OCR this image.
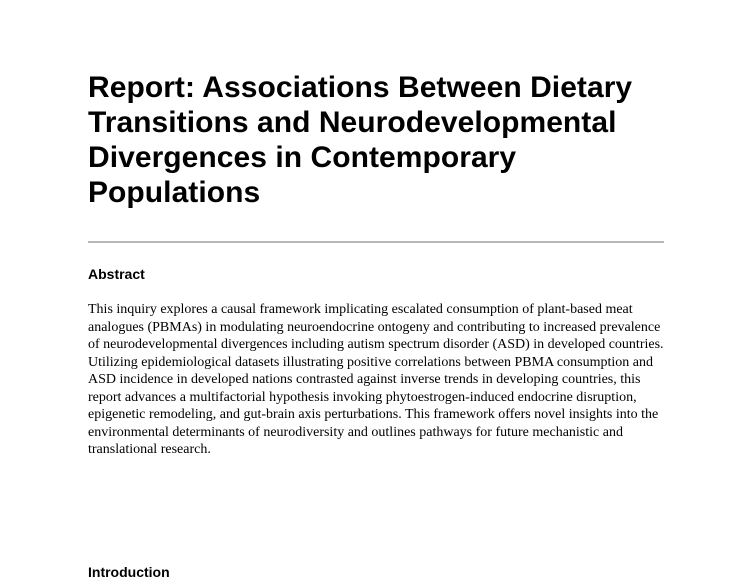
Report: Associations Between Dietary Transitions and Neurodevelopmental Divergences in Contemporary Populations
Abstract

This inquiry explores a causal framework implicating escalated consumption of plant-based meat analogues (PBMAs) in modulating neuroendocrine ontogeny and contributing to increased prevalence of neurodevelopmental divergences including autism spectrum disorder (ASD) in developed countries. Utilizing epidemiological datasets illustrating positive correlations between PBMA consumption and ASD incidence in developed nations contrasted against inverse trends in developing countries, this report advances a multifactorial hypothesis invoking phytoestrogen-induced endocrine disruption, epigenetic remodeling, and gut-brain axis perturbations. This framework offers novel insights into the environmental determinants of neurodiversity and outlines pathways for future mechanistic and translational research.

Introduction
